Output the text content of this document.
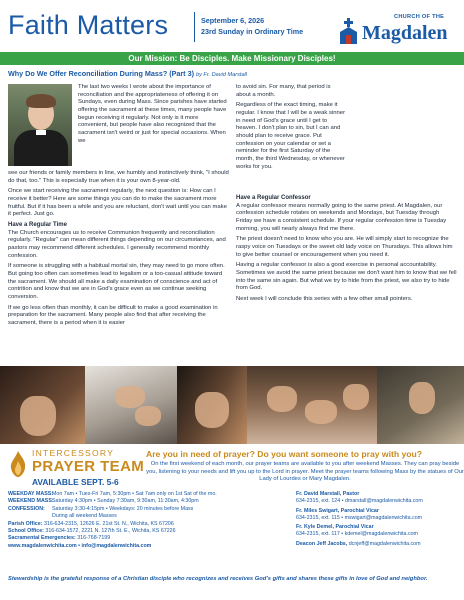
Faith Matters	September 6, 2026
23rd Sunday in Ordinary Time
CHURCH OF THE
Magdalen
Our Mission: Be Disciples. Make Missionary Disciples!
Why Do We Offer Reconciliation During Mass? (Part 3) by Fr. David Marstall

The last two weeks I wrote about the importance of reconciliation and the appropriateness of offering it on Sundays, even during Mass. Since parishes have started offering the sacrament at these times, many people have begun receiving it regularly. Not only is it more convenient, but people have also recognized that the sacrament isn't weird or just for special occasions. When we

see our friends or family members in line, we humbly and instinctively think, "I should do that, too." This is especially true when it is your own 8-year-old.

Once we start receiving the sacrament regularly, the next question is: How can I receive it better? Here are some things you can do to make the sacrament more fruitful. But if it has been a while and you are reluctant, don't wait until you can make it perfect. Just go.

Have a Regular Time

The Church encourages us to receive Communion frequently and reconciliation regularly. "Regular" can mean different things depending on our circumstances, and pastors may recommend different schedules. I generally recommend monthly confession.

If someone is struggling with a habitual mortal sin, they may need to go more often. But going too often can sometimes lead to legalism or a too-casual attitude toward the sacrament. We should all make a daily examination of conscience and act of contrition and know that we are in God's grace even as we continue seeking conversion.

If we go less often than monthly, it can be difficult to make a good examination in preparation for the sacrament. Many people also find that after receiving the sacrament, there is a period when it is easier

to avoid sin. For many, that period is about a month.

Regardless of the exact timing, make it regular. I know that I will be a weak sinner in need of God's grace until I get to heaven. I don't plan to sin, but I can and should plan to receive grace. Put confession on your calendar or set a reminder for the first Saturday of the month, the third Wednesday, or whenever works for you.

Have a Regular Confessor

A regular confessor means normally going to the same priest. At Magdalen, our confession schedule rotates on weekends and Mondays, but Tuesday through Friday we have a consistent schedule. If your regular confession time is Tuesday morning, you will nearly always find me there.

The priest doesn't need to know who you are. He will simply start to recognize the raspy voice on Tuesdays or the sweet old lady voice on Thursdays. This allows him to give better counsel or encouragement when you need it.

Having a regular confessor is also a good exercise in personal accountability. Sometimes we avoid the same priest because we don't want him to know that we fell into the same sin again. But what we try to hide from the priest, we also try to hide from God.

Next week I will conclude this series with a few other small pointers.

INTERCESSORY
PRAYER TEAM
AVAILABLE SEPT. 5-6
Are you in need of prayer? Do you want someone to pray with you?
On the first weekend of each month, our prayer teams are available to you after weekend Masses. They can pray beside you, listening to your needs and lift you up to the Lord in prayer. Meet the prayer teams following Mass by the statues of Our Lady of Lourdes or Mary Magdalen.
WEEKDAY MASS:
Mon 7am • Tues-Fri 7am, 5:30pm • Sat 7am only on 1st Sat of the mo.
WEEKEND MASS:
Saturday 4:30pm • Sunday 7:30am, 9:30am, 11:30am, 4:30pm
CONFESSION:	Saturday 3:30-4:15pm • Weekdays: 20 minutes before Mass
During all weekend Masses
Parish Office: 316-634-2315, 12626 E. 21st St. N., Wichita, KS 67206
School Office: 316-634-1572, 2221 N. 127th St. E., Wichita, KS 67226
Sacramental Emergencies: 316-768-7199
www.magdalenwichita.com • info@magdalenwichita.com
Fr. David Marstall, Pastor
634-2315, ext. 124 • dmarstall@magdalenwichita.com
Fr. Miles Swigart, Parochial Vicar
634-2315, ext. 115 • mswigart@magdalenwichita.com
Fr. Kyle Demel, Parochial Vicar
634-2315, ext. 117 • kdemel@magdalenwichita.com
Deacon Jeff Jacobs, dcnjeff@magdalenwichita.com
Stewardship is the grateful response of a Christian disciple who recognizes and receives God's gifts and shares these gifts in love of God and neighbor.
